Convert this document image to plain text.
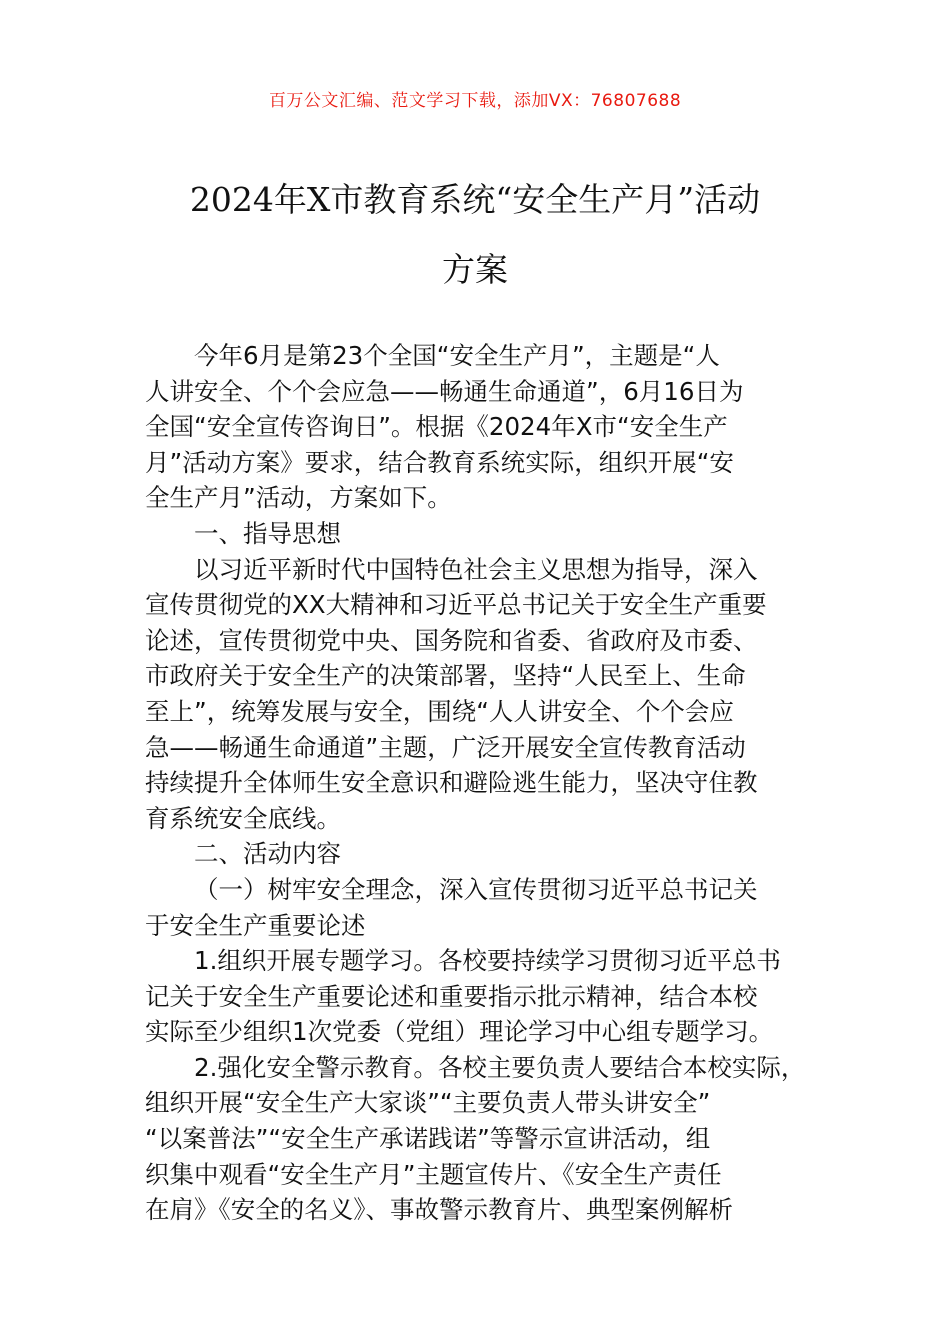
百万公文汇编、范文学习下载，添加VX：76807688
2024年X市教育系统“安全生产月”活动
方案
今年6月是第23个全国“安全生产月”，主题是“人
人讲安全、个个会应急——畅通生命通道”，6月16日为
全国“安全宣传咨询日”。根据《2024年X市“安全生产
月”活动方案》要求，结合教育系统实际，组织开展“安
全生产月”活动，方案如下。
一、指导思想
以习近平新时代中国特色社会主义思想为指导，深入
宣传贯彻党的XX大精神和习近平总书记关于安全生产重要
论述，宣传贯彻党中央、国务院和省委、省政府及市委、
市政府关于安全生产的决策部署，坚持“人民至上、生命
至上”，统筹发展与安全，围绕“人人讲安全、个个会应
急——畅通生命通道”主题，广泛开展安全宣传教育活动
持续提升全体师生安全意识和避险逃生能力，坚决守住教
育系统安全底线。
二、活动内容
（一）树牢安全理念，深入宣传贯彻习近平总书记关
于安全生产重要论述
1.组织开展专题学习。各校要持续学习贯彻习近平总书
记关于安全生产重要论述和重要指示批示精神，结合本校
实际至少组织1次党委（党组）理论学习中心组专题学习。
2.强化安全警示教育。各校主要负责人要结合本校实际，
组织开展“安全生产大家谈”“主要负责人带头讲安全”
“以案普法”“安全生产承诺践诺”等警示宣讲活动，组
织集中观看“安全生产月”主题宣传片、《安全生产责任
在肩》《安全的名义》、事故警示教育片、典型案例解析
